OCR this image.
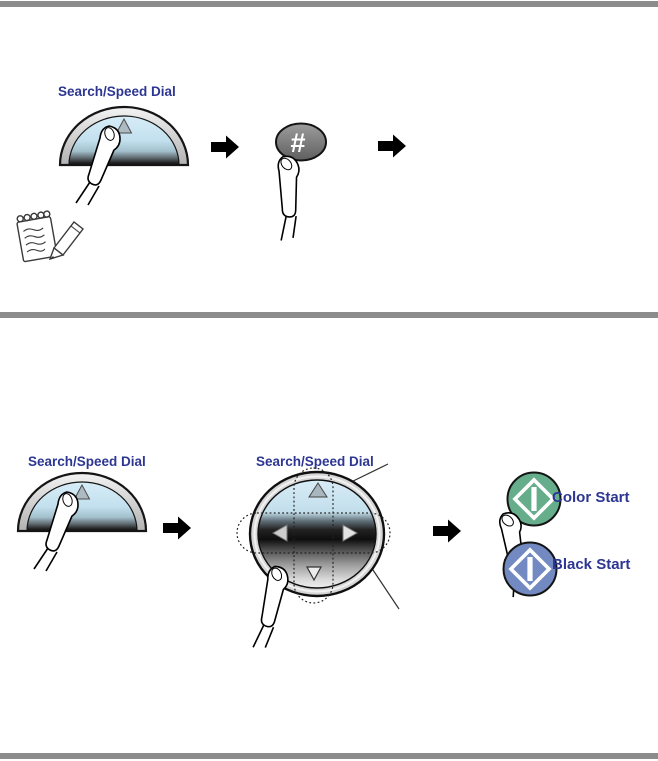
Search/Speed Dial
#
Search/Speed Dial	Search/Speed Dial
Color Start
Black Start
